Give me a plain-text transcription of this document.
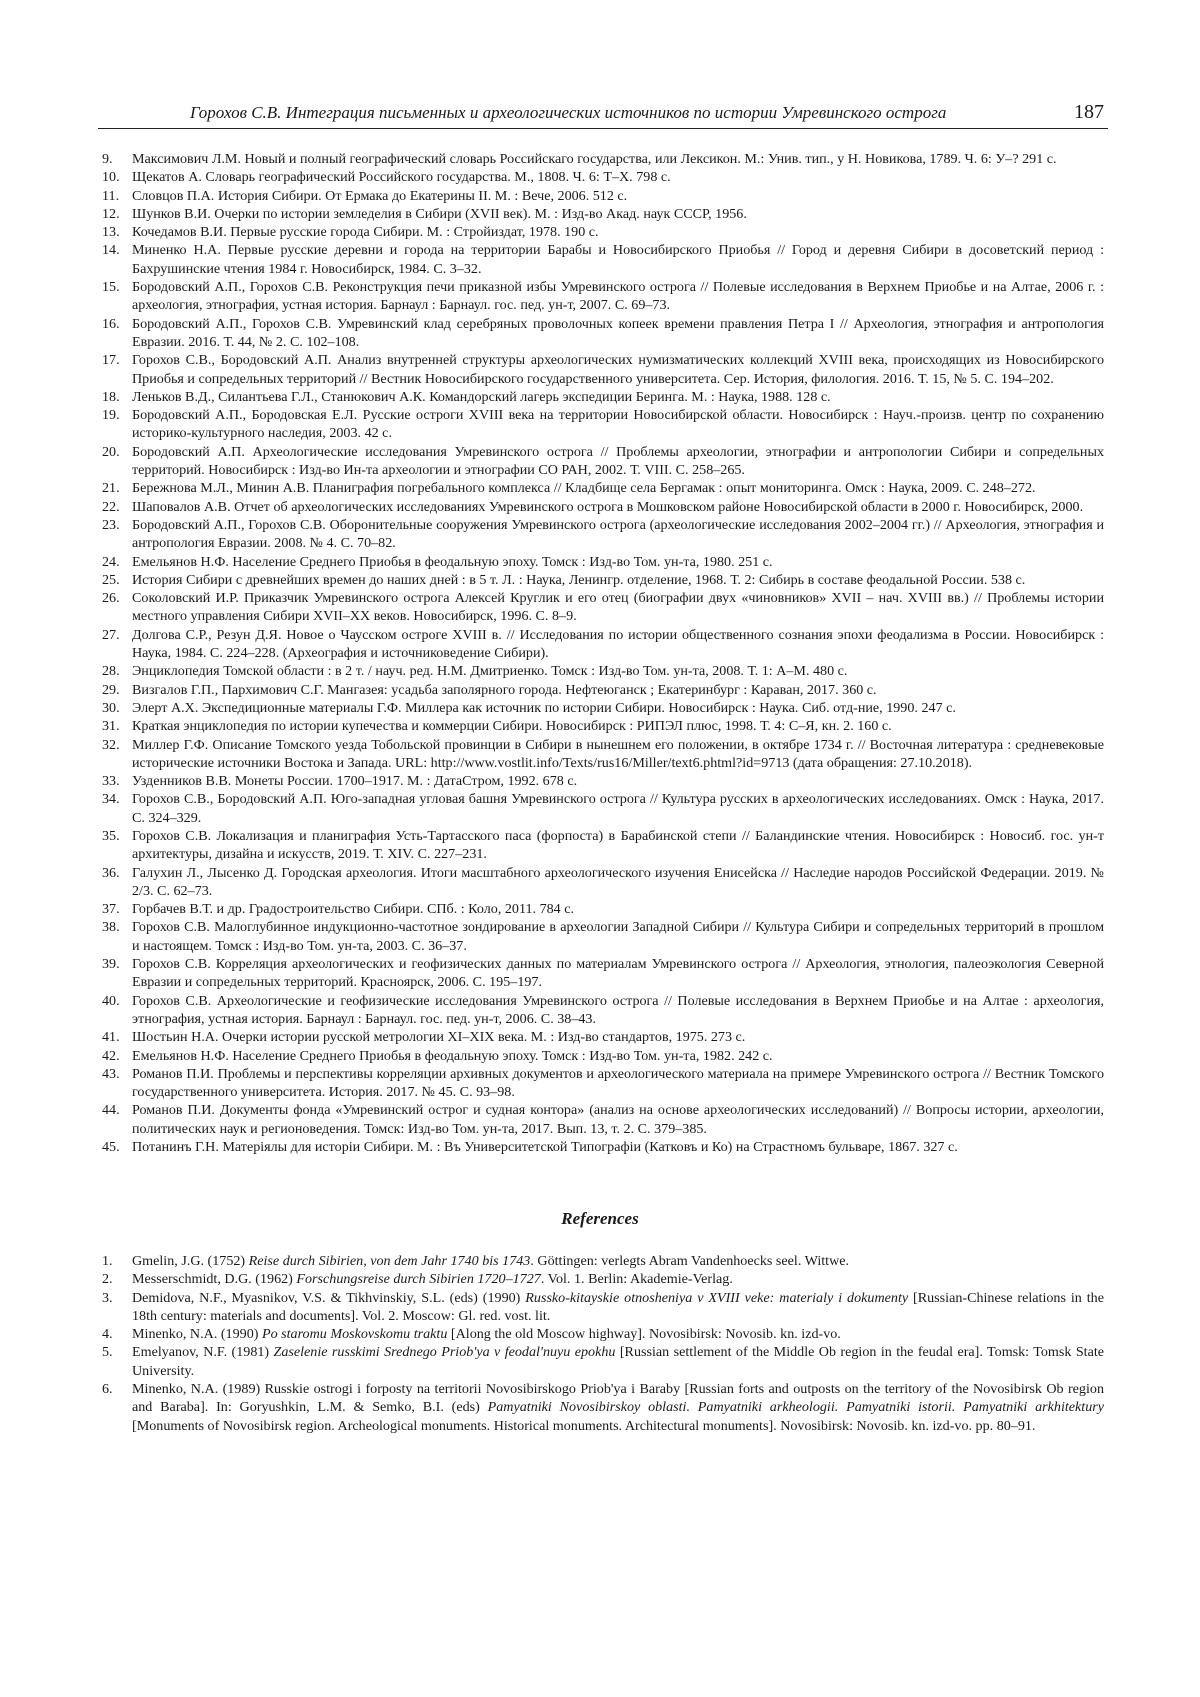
Горохов С.В. Интеграция письменных и археологических источников по истории Умревинского острога	187
9. Максимович Л.М. Новый и полный географический словарь Российскаго государства, или Лексикон. М.: Унив. тип., у Н. Новикова, 1789. Ч. 6: У–? 291 с.
10. Щекатов А. Словарь географический Российского государства. М., 1808. Ч. 6: Т–Х. 798 с.
11. Словцов П.А. История Сибири. От Ермака до Екатерины II. М. : Вече, 2006. 512 с.
12. Шунков В.И. Очерки по истории земледелия в Сибири (XVII век). М. : Изд-во Акад. наук СССР, 1956.
13. Кочедамов В.И. Первые русские города Сибири. М. : Стройиздат, 1978. 190 с.
14. Миненко Н.А. Первые русские деревни и города на территории Барабы и Новосибирского Приобья // Город и деревня Сибири в досоветский период : Бахрушинские чтения 1984 г. Новосибирск, 1984. С. 3–32.
15. Бородовский А.П., Горохов С.В. Реконструкция печи приказной избы Умревинского острога // Полевые исследования в Верхнем Приобье и на Алтае, 2006 г. : археология, этнография, устная история. Барнаул : Барнаул. гос. пед. ун-т, 2007. С. 69–73.
16. Бородовский А.П., Горохов С.В. Умревинский клад серебряных проволочных копеек времени правления Петра I // Археология, этнография и антропология Евразии. 2016. Т. 44, № 2. С. 102–108.
17. Горохов С.В., Бородовский А.П. Анализ внутренней структуры археологических нумизматических коллекций XVIII века, происходящих из Новосибирского Приобья и сопредельных территорий // Вестник Новосибирского государственного университета. Сер. История, филология. 2016. Т. 15, № 5. С. 194–202.
18. Леньков В.Д., Силантьева Г.Л., Станюкович А.К. Командорский лагерь экспедиции Беринга. М. : Наука, 1988. 128 с.
19. Бородовский А.П., Бородовская Е.Л. Русские остроги XVIII века на территории Новосибирской области. Новосибирск : Науч.-произв. центр по сохранению историко-культурного наследия, 2003. 42 с.
20. Бородовский А.П. Археологические исследования Умревинского острога // Проблемы археологии, этнографии и антропологии Сибири и сопредельных территорий. Новосибирск : Изд-во Ин-та археологии и этнографии СО РАН, 2002. Т. VIII. С. 258–265.
21. Бережнова М.Л., Минин А.В. Планиграфия погребального комплекса // Кладбище села Бергамак : опыт мониторинга. Омск : Наука, 2009. С. 248–272.
22. Шаповалов А.В. Отчет об археологических исследованиях Умревинского острога в Мошковском районе Новосибирской области в 2000 г. Новосибирск, 2000.
23. Бородовский А.П., Горохов С.В. Оборонительные сооружения Умревинского острога (археологические исследования 2002–2004 гг.) // Археология, этнография и антропология Евразии. 2008. № 4. С. 70–82.
24. Емельянов Н.Ф. Население Среднего Приобья в феодальную эпоху. Томск : Изд-во Том. ун-та, 1980. 251 с.
25. История Сибири с древнейших времен до наших дней : в 5 т. Л. : Наука, Ленингр. отделение, 1968. Т. 2: Сибирь в составе феодальной России. 538 с.
26. Соколовский И.Р. Приказчик Умревинского острога Алексей Круглик и его отец (биографии двух «чиновников» XVII – нач. XVIII вв.) // Проблемы истории местного управления Сибири XVII–XX веков. Новосибирск, 1996. С. 8–9.
27. Долгова С.Р., Резун Д.Я. Новое о Чаусском остроге XVIII в. // Исследования по истории общественного сознания эпохи феодализма в России. Новосибирск : Наука, 1984. С. 224–228. (Археография и источниковедение Сибири).
28. Энциклопедия Томской области : в 2 т. / науч. ред. Н.М. Дмитриенко. Томск : Изд-во Том. ун-та, 2008. Т. 1: А–М. 480 с.
29. Визгалов Г.П., Пархимович С.Г. Мангазея: усадьба заполярного города. Нефтеюганск ; Екатеринбург : Караван, 2017. 360 с.
30. Элерт А.Х. Экспедиционные материалы Г.Ф. Миллера как источник по истории Сибири. Новосибирск : Наука. Сиб. отд-ние, 1990. 247 с.
31. Краткая энциклопедия по истории купечества и коммерции Сибири. Новосибирск : РИПЭЛ плюс, 1998. Т. 4: С–Я, кн. 2. 160 с.
32. Миллер Г.Ф. Описание Томского уезда Тобольской провинции в Сибири в нынешнем его положении, в октябре 1734 г. // Восточная литература : средневековые исторические источники Востока и Запада. URL: http://www.vostlit.info/Texts/rus16/Miller/text6.phtml?id=9713 (дата обращения: 27.10.2018).
33. Узденников В.В. Монеты России. 1700–1917. М. : ДатаСтром, 1992. 678 с.
34. Горохов С.В., Бородовский А.П. Юго-западная угловая башня Умревинского острога // Культура русских в археологических исследованиях. Омск : Наука, 2017. С. 324–329.
35. Горохов С.В. Локализация и планиграфия Усть-Тартасского паса (форпоста) в Барабинской степи // Баландинские чтения. Новосибирск : Новосиб. гос. ун-т архитектуры, дизайна и искусств, 2019. Т. XIV. С. 227–231.
36. Галухин Л., Лысенко Д. Городская археология. Итоги масштабного археологического изучения Енисейска // Наследие народов Российской Федерации. 2019. № 2/3. С. 62–73.
37. Горбачев В.Т. и др. Градостроительство Сибири. СПб. : Коло, 2011. 784 с.
38. Горохов С.В. Малоглубинное индукционно-частотное зондирование в археологии Западной Сибири // Культура Сибири и сопредельных территорий в прошлом и настоящем. Томск : Изд-во Том. ун-та, 2003. С. 36–37.
39. Горохов С.В. Корреляция археологических и геофизических данных по материалам Умревинского острога // Археология, этнология, палеоэкология Северной Евразии и сопредельных территорий. Красноярск, 2006. С. 195–197.
40. Горохов С.В. Археологические и геофизические исследования Умревинского острога // Полевые исследования в Верхнем Приобье и на Алтае : археология, этнография, устная история. Барнаул : Барнаул. гос. пед. ун-т, 2006. С. 38–43.
41. Шостьин Н.А. Очерки истории русской метрологии XI–XIX века. М. : Изд-во стандартов, 1975. 273 с.
42. Емельянов Н.Ф. Население Среднего Приобья в феодальную эпоху. Томск : Изд-во Том. ун-та, 1982. 242 с.
43. Романов П.И. Проблемы и перспективы корреляции архивных документов и археологического материала на примере Умревинского острога // Вестник Томского государственного университета. История. 2017. № 45. С. 93–98.
44. Романов П.И. Документы фонда «Умревинский острог и судная контора» (анализ на основе археологических исследований) // Вопросы истории, археологии, политических наук и регионоведения. Томск: Изд-во Том. ун-та, 2017. Вып. 13, т. 2. С. 379–385.
45. Потанинъ Г.Н. Матеріялы для исторіи Сибири. М. : Въ Университетской Типографіи (Катковъ и Ко) на Страстномъ бульваре, 1867. 327 с.
References
1. Gmelin, J.G. (1752) Reise durch Sibirien, von dem Jahr 1740 bis 1743. Göttingen: verlegts Abram Vandenhoecks seel. Wittwe.
2. Messerschmidt, D.G. (1962) Forschungsreise durch Sibirien 1720–1727. Vol. 1. Berlin: Akademie-Verlag.
3. Demidova, N.F., Myasnikov, V.S. & Tikhvinskiy, S.L. (eds) (1990) Russko-kitayskie otnosheniya v XVIII veke: materialy i dokumenty [Russian-Chinese relations in the 18th century: materials and documents]. Vol. 2. Moscow: Gl. red. vost. lit.
4. Minenko, N.A. (1990) Po staromu Moskovskomu traktu [Along the old Moscow highway]. Novosibirsk: Novosib. kn. izd-vo.
5. Emelyanov, N.F. (1981) Zaselenie russkimi Srednego Priob'ya v feodal'nuyu epokhu [Russian settlement of the Middle Ob region in the feudal era]. Tomsk: Tomsk State University.
6. Minenko, N.A. (1989) Russkie ostrogi i forposty na territorii Novosibirskogo Priob'ya i Baraby [Russian forts and outposts on the territory of the Novosibirsk Ob region and Baraba]. In: Goryushkin, L.M. & Semko, B.I. (eds) Pamyatniki Novosibirskoy oblasti. Pamyatniki arkheologii. Pamyatniki istorii. Pamyatniki arkhitektury [Monuments of Novosibirsk region. Archeological monuments. Historical monuments. Architectural monuments]. Novosibirsk: Novosib. kn. izd-vo. pp. 80–91.
